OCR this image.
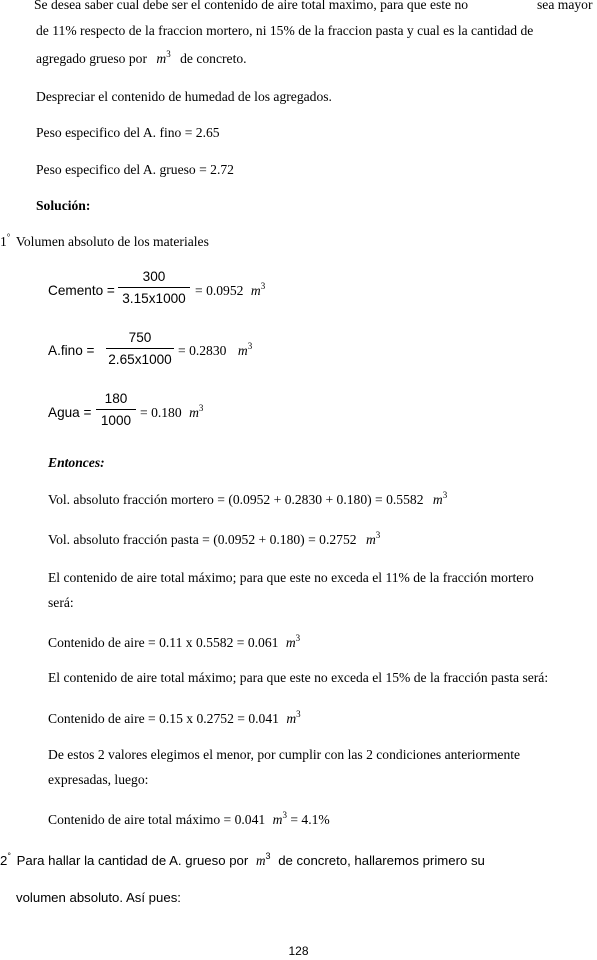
Se desea saber cual debe ser el contenido de aire total maximo, para que este no	sea mayor
de 11% respecto de la fraccion mortero, ni 15% de la fraccion pasta y cual es la cantidad de
agregado grueso por $m^3$ de concreto.
Despreciar el contenido de humedad de los agregados.
Peso especifico del A. fino = 2.65
Peso especifico del A. grueso = 2.72
Solución:
1° Volumen absoluto de los materiales
Cemento =
300
3.15x1000
= 0.0952 $m^3$
A.fino =
750
2.65x1000
= 0.2830 $m^3$
Agua =
180
1000
= 0.180 $m^3$
Entonces:
Vol. absoluto fracción mortero = (0.0952 + 0.2830 + 0.180) = 0.5582 $m^3$
Vol. absoluto fracción pasta = (0.0952 + 0.180) = 0.2752 $m^3$
El contenido de aire total máximo; para que este no exceda el 11% de la fracción mortero
será:
Contenido de aire = 0.11 x 0.5582 = 0.061 $m^3$
El contenido de aire total máximo; para que este no exceda el 15% de la fracción pasta será:
Contenido de aire = 0.15 x 0.2752 = 0.041 $m^3$
De estos 2 valores elegimos el menor, por cumplir con las 2 condiciones anteriormente
expresadas, luego:
Contenido de aire total máximo = 0.041 $m^3 = 4.1\%$
2° Para hallar la cantidad de A. grueso por $m^3$ de concreto, hallaremos primero su
volumen absoluto. Así pues:
128
